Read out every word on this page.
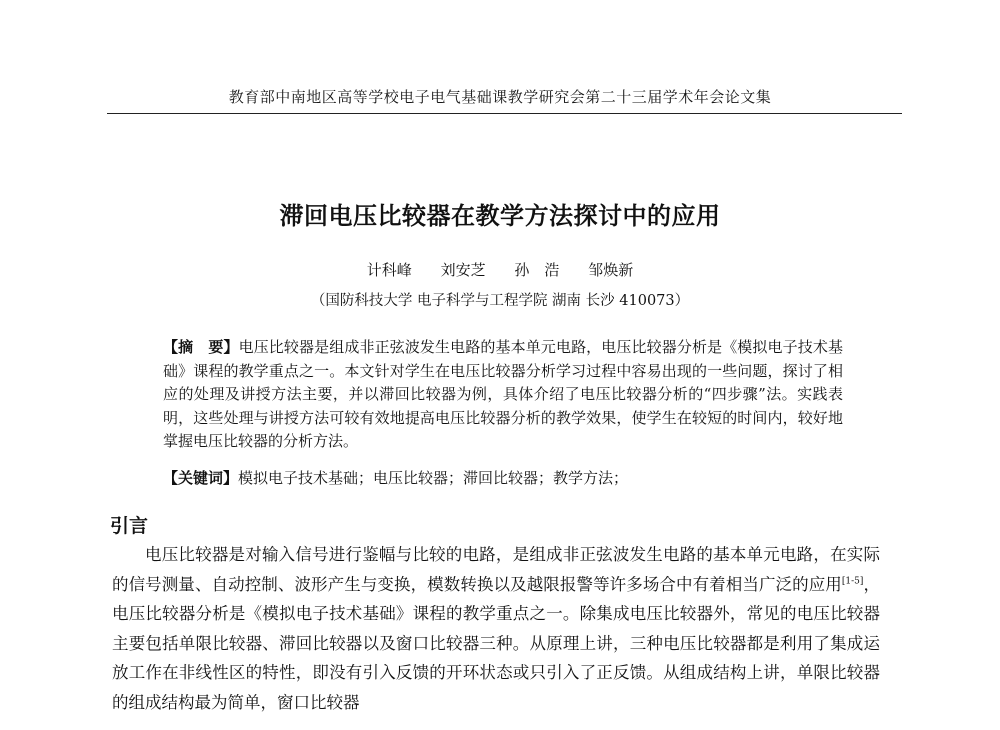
教育部中南地区高等学校电子电气基础课教学研究会第二十三届学术年会论文集
滞回电压比较器在教学方法探讨中的应用
计科峰 刘安芝 孙　浩 邹焕新
（国防科技大学 电子科学与工程学院 湖南 长沙 410073）
【摘　要】电压比较器是组成非正弦波发生电路的基本单元电路，电压比较器分析是《模拟电子技术基础》课程的教学重点之一。本文针对学生在电压比较器分析学习过程中容易出现的一些问题，探讨了相应的处理及讲授方法主要，并以滞回比较器为例，具体介绍了电压比较器分析的“四步骤”法。实践表明，这些处理与讲授方法可较有效地提高电压比较器分析的教学效果，使学生在较短的时间内，较好地掌握电压比较器的分析方法。
【关键词】模拟电子技术基础；电压比较器；滞回比较器；教学方法；
引言
电压比较器是对输入信号进行鉴幅与比较的电路，是组成非正弦波发生电路的基本单元电路，在实际的信号测量、自动控制、波形产生与变换，模数转换以及越限报警等许多场合中有着相当广泛的应用[1-5]，电压比较器分析是《模拟电子技术基础》课程的教学重点之一。除集成电压比较器外，常见的电压比较器主要包括单限比较器、滞回比较器以及窗口比较器三种。从原理上讲，三种电压比较器都是利用了集成运放工作在非线性区的特性，即没有引入反馈的开环状态或只引入了正反馈。从组成结构上讲，单限比较器的组成结构最为简单，窗口比较器
